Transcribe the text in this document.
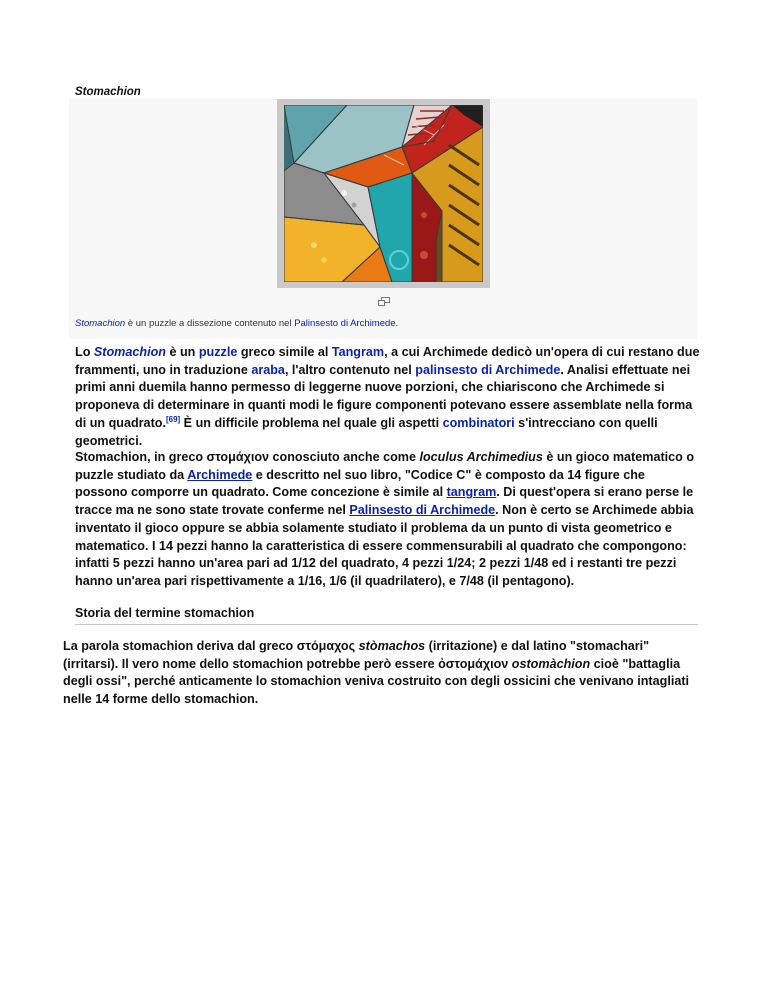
Stomachion
Stomachion è un puzzle a dissezione contenuto nel Palinsesto di Archimede.

Lo Stomachion è un puzzle greco simile al Tangram, a cui Archimede dedicò un'opera di cui restano due frammenti, uno in traduzione araba, l'altro contenuto nel palinsesto di Archimede. Analisi effettuate nei primi anni duemila hanno permesso di leggerne nuove porzioni, che chiariscono che Archimede si proponeva di determinare in quanti modi le figure componenti potevano essere assemblate nella forma di un quadrato.[69] È un difficile problema nel quale gli aspetti combinatori s'intrecciano con quelli geometrici.

Stomachion, in greco στομάχιον conosciuto anche come loculus Archimedius è un gioco matematico o puzzle studiato da Archimede e descritto nel suo libro, "Codice C" è composto da 14 figure che possono comporre un quadrato. Come concezione è simile al tangram. Di quest'opera si erano perse le tracce ma ne sono state trovate conferme nel Palinsesto di Archimede. Non è certo se Archimede abbia inventato il gioco oppure se abbia solamente studiato il problema da un punto di vista geometrico e matematico. I 14 pezzi hanno la caratteristica di essere commensurabili al quadrato che compongono: infatti 5 pezzi hanno un'area pari ad 1/12 del quadrato, 4 pezzi 1/24; 2 pezzi 1/48 ed i restanti tre pezzi hanno un'area pari rispettivamente a 1/16, 1/6 (il quadrilatero), e 7/48 (il pentagono).

Storia del termine stomachion

La parola stomachion deriva dal greco στόμαχος stòmachos (irritazione) e dal latino "stomachari" (irritarsi). Il vero nome dello stomachion potrebbe però essere ὀστομάχιον ostomàchion cioè "battaglia degli ossi", perché anticamente lo stomachion veniva costruito con degli ossicini che venivano intagliati nelle 14 forme dello stomachion.
